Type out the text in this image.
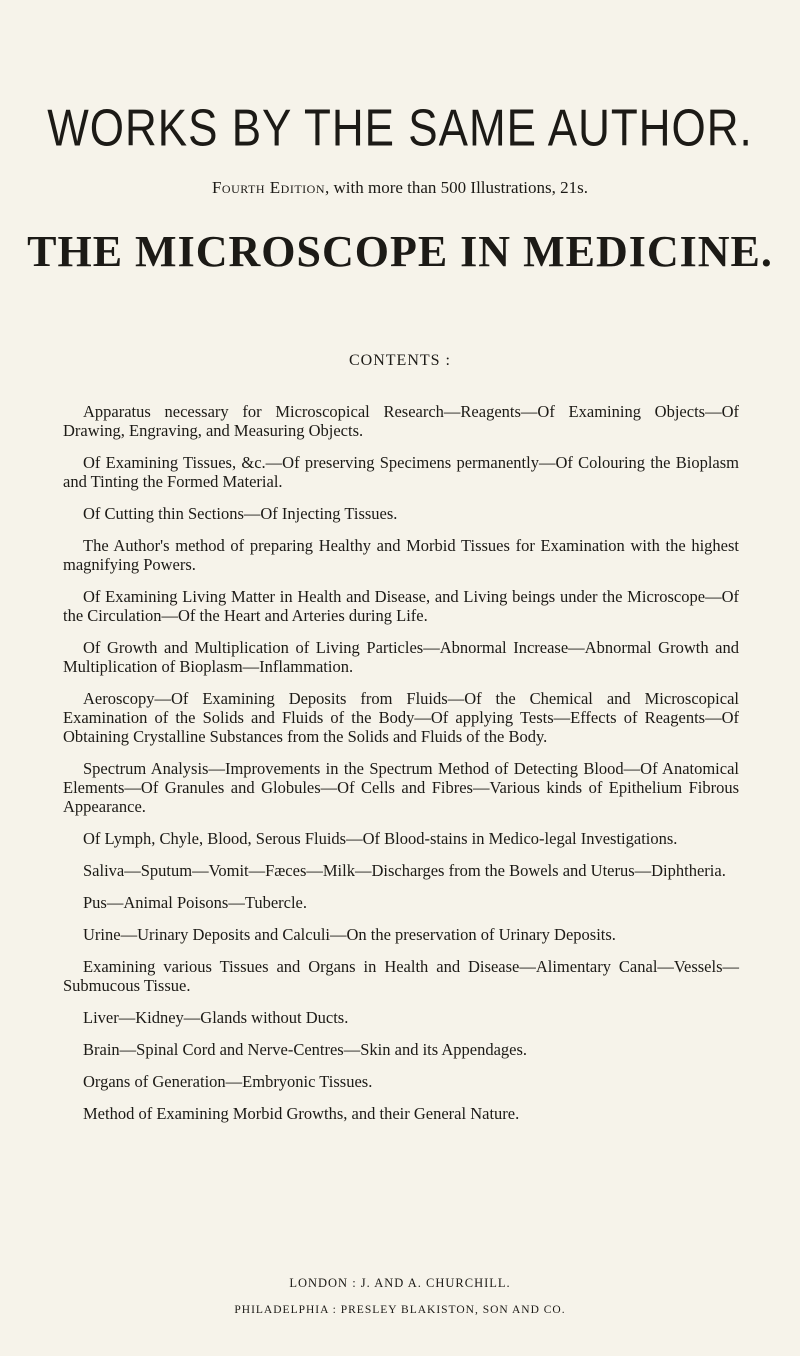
WORKS BY THE SAME AUTHOR.
Fourth Edition, with more than 500 Illustrations, 21s.
THE MICROSCOPE IN MEDICINE.
CONTENTS :

Apparatus necessary for Microscopical Research—Reagents—Of Examining Objects—Of Drawing, Engraving, and Measuring Objects.

Of Examining Tissues, &c.—Of preserving Specimens permanently—Of Colouring the Bioplasm and Tinting the Formed Material.

Of Cutting thin Sections—Of Injecting Tissues.

The Author's method of preparing Healthy and Morbid Tissues for Examination with the highest magnifying Powers.

Of Examining Living Matter in Health and Disease, and Living beings under the Microscope—Of the Circulation—Of the Heart and Arteries during Life.

Of Growth and Multiplication of Living Particles—Abnormal Increase—Abnormal Growth and Multiplication of Bioplasm—Inflammation.

Aeroscopy—Of Examining Deposits from Fluids—Of the Chemical and Microscopical Examination of the Solids and Fluids of the Body—Of applying Tests—Effects of Reagents—Of Obtaining Crystalline Substances from the Solids and Fluids of the Body.

Spectrum Analysis—Improvements in the Spectrum Method of Detecting Blood—Of Anatomical Elements—Of Granules and Globules—Of Cells and Fibres—Various kinds of Epithelium Fibrous Appearance.

Of Lymph, Chyle, Blood, Serous Fluids—Of Blood-stains in Medico-legal Investigations.

Saliva—Sputum—Vomit—Fæces—Milk—Discharges from the Bowels and Uterus—Diphtheria.

Pus—Animal Poisons—Tubercle.

Urine—Urinary Deposits and Calculi—On the preservation of Urinary Deposits.

Examining various Tissues and Organs in Health and Disease—Alimentary Canal—Vessels—Submucous Tissue.

Liver—Kidney—Glands without Ducts.

Brain—Spinal Cord and Nerve-Centres—Skin and its Appendages.

Organs of Generation—Embryonic Tissues.

Method of Examining Morbid Growths, and their General Nature.

LONDON : J. AND A. CHURCHILL.
PHILADELPHIA : PRESLEY BLAKISTON, SON AND CO.
